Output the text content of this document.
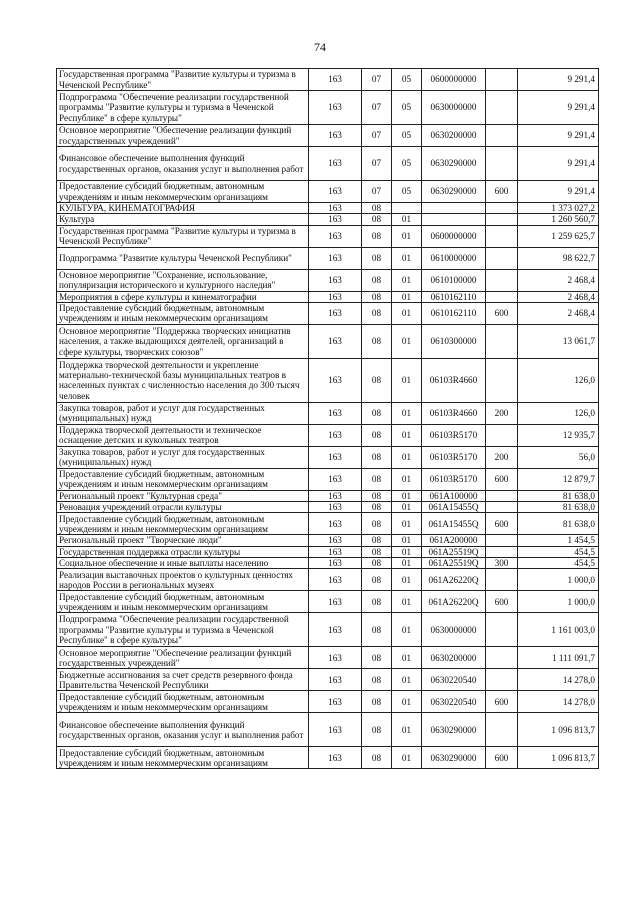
74
Государственная программа "Развитие культуры и туризма в Чеченской Республике"	163	07	05	0600000000		9 291,4
Подпрограмма "Обеспечение реализации государственной программы "Развитие культуры и туризма в Чеченской Республике" в сфере культуры"	163	07	05	0630000000		9 291,4
Основное мероприятие "Обеспечение реализации функций государственных учреждений"	163	07	05	0630200000		9 291,4
Финансовое обеспечение выполнения функций государственных органов, оказания услуг и выполнения работ	163	07	05	0630290000		9 291,4
Предоставление субсидий бюджетным, автономным учреждениям и иным некоммерческим организациям	163	07	05	0630290000	600	9 291,4
КУЛЬТУРА, КИНЕМАТОГРАФИЯ	163	08				1 373 027,2
Культура	163	08	01			1 260 560,7
Государственная программа "Развитие культуры и туризма в Чеченской Республике"	163	08	01	0600000000		1 259 625,7
Подпрограмма "Развитие культуры Чеченской Республики"	163	08	01	0610000000		98 622,7
Основное мероприятие "Сохранение, использование, популяризация исторического и культурного наследия"	163	08	01	0610100000		2 468,4
Мероприятия в сфере культуры и кинематографии	163	08	01	0610162110		2 468,4
Предоставление субсидий бюджетным, автономным учреждениям и иным некоммерческим организациям	163	08	01	0610162110	600	2 468,4
Основное мероприятие "Поддержка творческих инициатив населения, а также выдающихся деятелей, организаций в сфере культуры, творческих союзов"	163	08	01	0610300000		13 061,7
Поддержка творческой деятельности и укрепление материально-технической базы муниципальных театров в населенных пунктах с численностью населения до 300 тысяч человек	163	08	01	06103R4660		126,0
Закупка товаров, работ и услуг для государственных (муниципальных) нужд	163	08	01	06103R4660	200	126,0
Поддержка творческой деятельности и техническое оснащение детских и кукольных театров	163	08	01	06103R5170		12 935,7
Закупка товаров, работ и услуг для государственных (муниципальных) нужд	163	08	01	06103R5170	200	56,0
Предоставление субсидий бюджетным, автономным учреждениям и иным некоммерческим организациям	163	08	01	06103R5170	600	12 879,7
Региональный проект "Культурная среда"	163	08	01	061A100000		81 638,0
Реновация учреждений отрасли культуры	163	08	01	061A15455Q		81 638,0
Предоставление субсидий бюджетным, автономным учреждениям и иным некоммерческим организациям	163	08	01	061A15455Q	600	81 638,0
Региональный проект "Творческие люди"	163	08	01	061A200000		1 454,5
Государственная поддержка отрасли культуры	163	08	01	061A25519Q		454,5
Социальное обеспечение и иные выплаты населению	163	08	01	061A25519Q	300	454,5
Реализация выставочных проектов о культурных ценностях народов России в региональных музеях	163	08	01	061A26220Q		1 000,0
Предоставление субсидий бюджетным, автономным учреждениям и иным некоммерческим организациям	163	08	01	061A26220Q	600	1 000,0
Подпрограмма "Обеспечение реализации государственной программы "Развитие культуры и туризма в Чеченской Республике" в сфере культуры"	163	08	01	0630000000		1 161 003,0
Основное мероприятие "Обеспечение реализации функций государственных учреждений"	163	08	01	0630200000		1 111 091,7
Бюджетные ассигнования за счет средств резервного фонда Правительства Чеченской Республики	163	08	01	0630220540		14 278,0
Предоставление субсидий бюджетным, автономным учреждениям и иным некоммерческим организациям	163	08	01	0630220540	600	14 278,0
Финансовое обеспечение выполнения функций государственных органов, оказания услуг и выполнения работ	163	08	01	0630290000		1 096 813,7
Предоставление субсидий бюджетным, автономным учреждениям и иным некоммерческим организациям	163	08	01	0630290000	600	1 096 813,7
